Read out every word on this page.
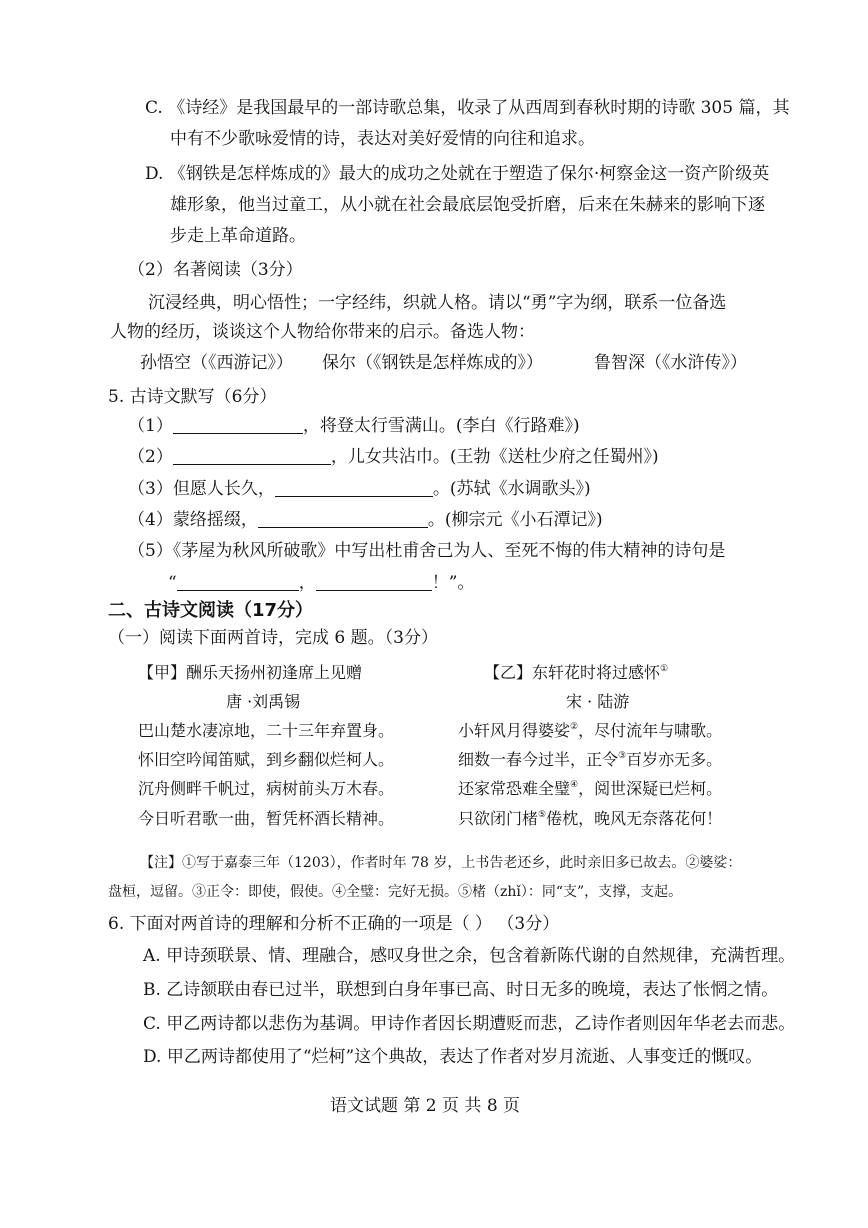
C. 《诗经》是我国最早的一部诗歌总集，收录了从西周到春秋时期的诗歌 305 篇，其
中有不少歌咏爱情的诗，表达对美好爱情的向往和追求。
D. 《钢铁是怎样炼成的》最大的成功之处就在于塑造了保尔·柯察金这一资产阶级英
雄形象，他当过童工，从小就在社会最底层饱受折磨，后来在朱赫来的影响下逐
步走上革命道路。
（2）名著阅读（3分）
沉浸经典，明心悟性；一字经纬，织就人格。请以“勇”字为纲，联系一位备选
人物的经历，谈谈这个人物给你带来的启示。备选人物：
孙悟空（《西游记》） 保尔（《钢铁是怎样炼成的》）	鲁智深（《水浒传》）
5. 古诗文默写（6分）
（1）	，将登太行雪满山。(李白《行路难》)
（2）	，儿女共沾巾。(王勃《送杜少府之任蜀州》)
（3）但愿人长久，	。(苏轼《水调歌头》)
（4）蒙络摇缀，	。(柳宗元《小石潭记》)
（5）《茅屋为秋风所破歌》中写出杜甫舍己为人、至死不悔的伟大精神的诗句是
“	，	！”。
二、古诗文阅读（17分）
（一）阅读下面两首诗，完成 6 题。（3分）
【甲】酬乐天扬州初逢席上见赠
唐 ·刘禹锡
巴山楚水凄凉地，二十三年弃置身。
怀旧空吟闻笛赋，到乡翻似烂柯人。
沉舟侧畔千帆过，病树前头万木春。
今日听君歌一曲，暂凭杯酒长精神。
【乙】东轩花时将过感怀①
宋 · 陆游
小轩风月得婆娑②，尽付流年与啸歌。
细数一春今过半，正令③百岁亦无多。
还家常恐难全璧④，阅世深疑已烂柯。
只欲闭门楮⑤倦枕，晚风无奈落花何！
【注】①写于嘉泰三年（1203），作者时年 78 岁，上书告老还乡，此时亲旧多已故去。②婆娑：
盘桓，逗留。③正令：即使，假使。④全璧：完好无损。⑤楮（zhǐ）：同“支”，支撑，支起。
6. 下面对两首诗的理解和分析不正确的一项是（ ） （3分）
A. 甲诗颈联景、情、理融合，感叹身世之余，包含着新陈代谢的自然规律，充满哲理。
B. 乙诗颔联由春已过半，联想到白身年事已高、时日无多的晚境，表达了怅惘之情。
C. 甲乙两诗都以悲伤为基调。甲诗作者因长期遭贬而悲，乙诗作者则因年华老去而悲。
D. 甲乙两诗都使用了“烂柯”这个典故，表达了作者对岁月流逝、人事变迁的慨叹。
语文试题 第 2 页 共 8 页
